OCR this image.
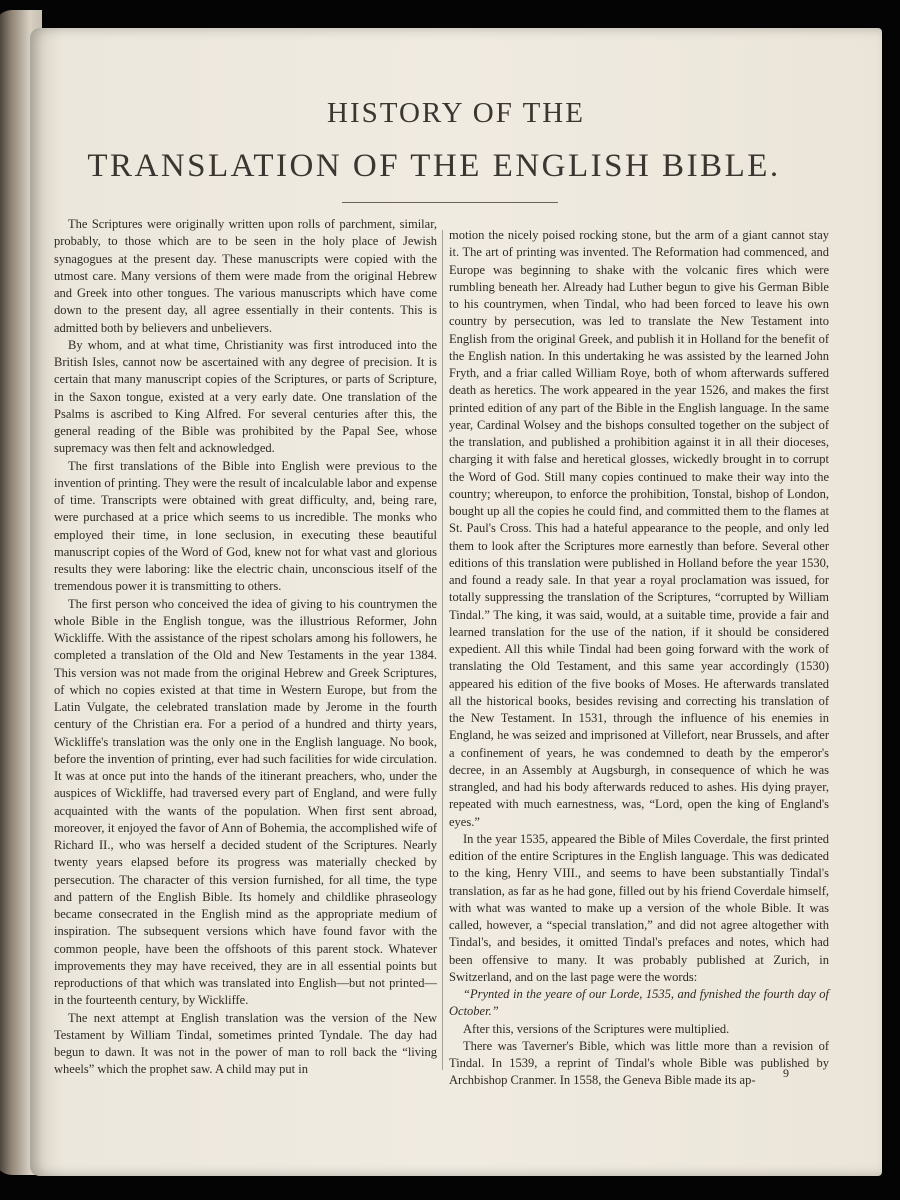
HISTORY OF THE
TRANSLATION OF THE ENGLISH BIBLE.

The Scriptures were originally written upon rolls of parchment, similar, probably, to those which are to be seen in the holy place of Jewish synagogues at the present day. These manuscripts were copied with the utmost care. Many versions of them were made from the original Hebrew and Greek into other tongues. The various manuscripts which have come down to the present day, all agree essentially in their contents. This is admitted both by believers and unbelievers.

By whom, and at what time, Christianity was first introduced into the British Isles, cannot now be ascertained with any degree of precision. It is certain that many manuscript copies of the Scriptures, or parts of Scripture, in the Saxon tongue, existed at a very early date. One translation of the Psalms is ascribed to King Alfred. For several centuries after this, the general reading of the Bible was prohibited by the Papal See, whose supremacy was then felt and acknowledged.

The first translations of the Bible into English were previous to the invention of printing. They were the result of incalculable labor and expense of time. Transcripts were obtained with great difficulty, and, being rare, were purchased at a price which seems to us incredible. The monks who employed their time, in lone seclusion, in executing these beautiful manuscript copies of the Word of God, knew not for what vast and glorious results they were laboring: like the electric chain, unconscious itself of the tremendous power it is transmitting to others.

The first person who conceived the idea of giving to his countrymen the whole Bible in the English tongue, was the illustrious Reformer, John Wickliffe. With the assistance of the ripest scholars among his followers, he completed a translation of the Old and New Testaments in the year 1384. This version was not made from the original Hebrew and Greek Scriptures, of which no copies existed at that time in Western Europe, but from the Latin Vulgate, the celebrated translation made by Jerome in the fourth century of the Christian era. For a period of a hundred and thirty years, Wickliffe's translation was the only one in the English language. No book, before the invention of printing, ever had such facilities for wide circulation. It was at once put into the hands of the itinerant preachers, who, under the auspices of Wickliffe, had traversed every part of England, and were fully acquainted with the wants of the population. When first sent abroad, moreover, it enjoyed the favor of Ann of Bohemia, the accomplished wife of Richard II., who was herself a decided student of the Scriptures. Nearly twenty years elapsed before its progress was materially checked by persecution. The character of this version furnished, for all time, the type and pattern of the English Bible. Its homely and childlike phraseology became consecrated in the English mind as the appropriate medium of inspiration. The subsequent versions which have found favor with the common people, have been the offshoots of this parent stock. Whatever improvements they may have received, they are in all essential points but reproductions of that which was translated into English—but not printed—in the fourteenth century, by Wickliffe.

The next attempt at English translation was the version of the New Testament by William Tindal, sometimes printed Tyndale. The day had begun to dawn. It was not in the power of man to roll back the “living wheels” which the prophet saw. A child may put in

motion the nicely poised rocking stone, but the arm of a giant cannot stay it. The art of printing was invented. The Reformation had commenced, and Europe was beginning to shake with the volcanic fires which were rumbling beneath her. Already had Luther begun to give his German Bible to his countrymen, when Tindal, who had been forced to leave his own country by persecution, was led to translate the New Testament into English from the original Greek, and publish it in Holland for the benefit of the English nation. In this undertaking he was assisted by the learned John Fryth, and a friar called William Roye, both of whom afterwards suffered death as heretics. The work appeared in the year 1526, and makes the first printed edition of any part of the Bible in the English language. In the same year, Cardinal Wolsey and the bishops consulted together on the subject of the translation, and published a prohibition against it in all their dioceses, charging it with false and heretical glosses, wickedly brought in to corrupt the Word of God. Still many copies continued to make their way into the country; whereupon, to enforce the prohibition, Tonstal, bishop of London, bought up all the copies he could find, and committed them to the flames at St. Paul's Cross. This had a hateful appearance to the people, and only led them to look after the Scriptures more earnestly than before. Several other editions of this translation were published in Holland before the year 1530, and found a ready sale. In that year a royal proclamation was issued, for totally suppressing the translation of the Scriptures, “corrupted by William Tindal.” The king, it was said, would, at a suitable time, provide a fair and learned translation for the use of the nation, if it should be considered expedient. All this while Tindal had been going forward with the work of translating the Old Testament, and this same year accordingly (1530) appeared his edition of the five books of Moses. He afterwards translated all the historical books, besides revising and correcting his translation of the New Testament. In 1531, through the influence of his enemies in England, he was seized and imprisoned at Villefort, near Brussels, and after a confinement of years, he was condemned to death by the emperor's decree, in an Assembly at Augsburgh, in consequence of which he was strangled, and had his body afterwards reduced to ashes. His dying prayer, repeated with much earnestness, was, “Lord, open the king of England's eyes.”

In the year 1535, appeared the Bible of Miles Coverdale, the first printed edition of the entire Scriptures in the English language. This was dedicated to the king, Henry VIII., and seems to have been substantially Tindal's translation, as far as he had gone, filled out by his friend Coverdale himself, with what was wanted to make up a version of the whole Bible. It was called, however, a “special translation,” and did not agree altogether with Tindal's, and besides, it omitted Tindal's prefaces and notes, which had been offensive to many. It was probably published at Zurich, in Switzerland, and on the last page were the words:

“Prynted in the yeare of our Lorde, 1535, and fynished the fourth day of October.”

After this, versions of the Scriptures were multiplied.

There was Taverner's Bible, which was little more than a revision of Tindal. In 1539, a reprint of Tindal's whole Bible was published by Archbishop Cranmer. In 1558, the Geneva Bible made its ap-

9
